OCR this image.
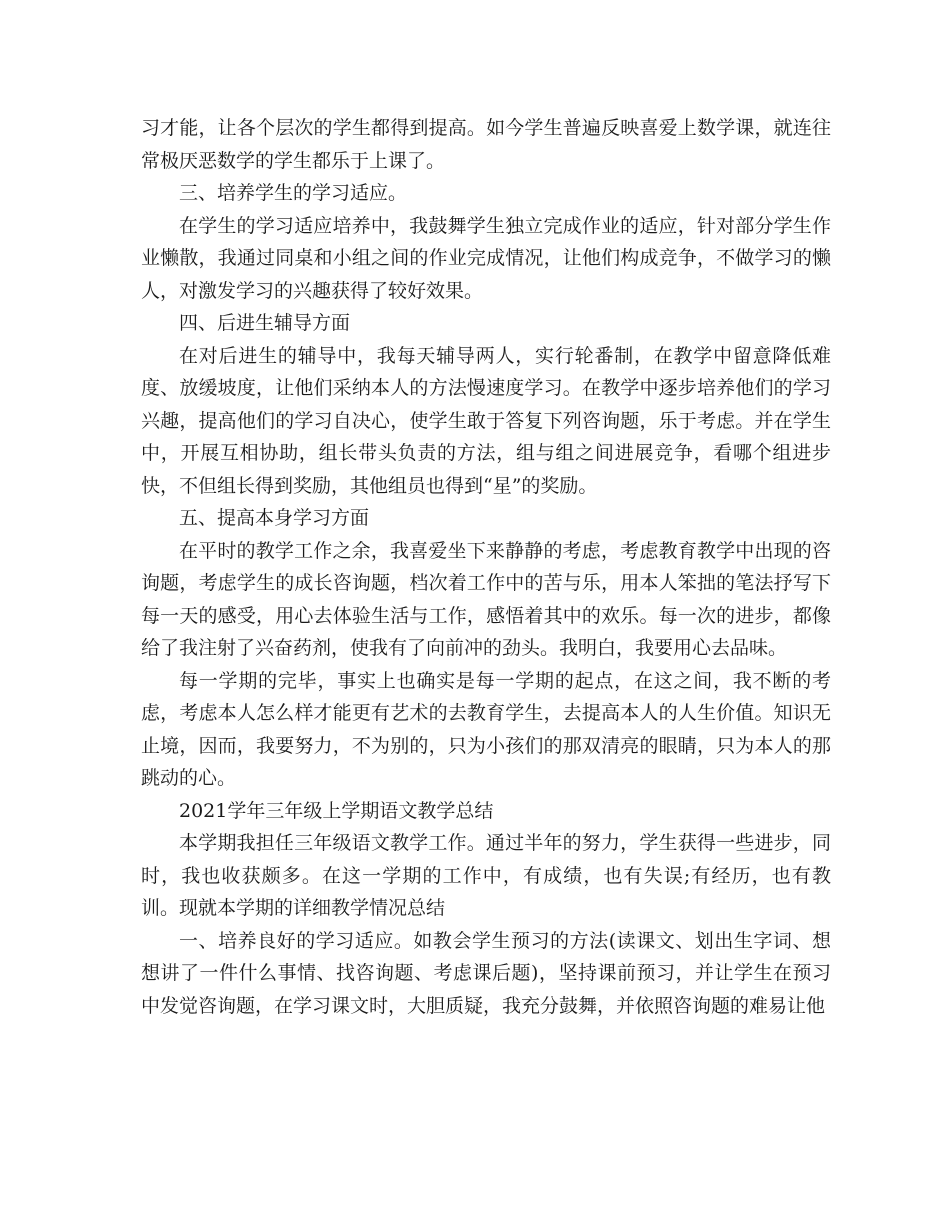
习才能，让各个层次的学生都得到提高。如今学生普遍反映喜爱上数学课，就连往常极厌恶数学的学生都乐于上课了。

三、培养学生的学习适应。

在学生的学习适应培养中，我鼓舞学生独立完成作业的适应，针对部分学生作业懒散，我通过同桌和小组之间的作业完成情况，让他们构成竞争，不做学习的懒人，对激发学习的兴趣获得了较好效果。

四、后进生辅导方面

在对后进生的辅导中，我每天辅导两人，实行轮番制，在教学中留意降低难度、放缓坡度，让他们采纳本人的方法慢速度学习。在教学中逐步培养他们的学习兴趣，提高他们的学习自决心，使学生敢于答复下列咨询题，乐于考虑。并在学生中，开展互相协助，组长带头负责的方法，组与组之间进展竞争，看哪个组进步快，不但组长得到奖励，其他组员也得到“星”的奖励。

五、提高本身学习方面

在平时的教学工作之余，我喜爱坐下来静静的考虑，考虑教育教学中出现的咨询题，考虑学生的成长咨询题，档次着工作中的苦与乐，用本人笨拙的笔法抒写下每一天的感受，用心去体验生活与工作，感悟着其中的欢乐。每一次的进步，都像给了我注射了兴奋药剂，使我有了向前冲的劲头。我明白，我要用心去品味。

每一学期的完毕，事实上也确实是每一学期的起点，在这之间，我不断的考虑，考虑本人怎么样才能更有艺术的去教育学生，去提高本人的人生价值。知识无止境，因而，我要努力，不为别的，只为小孩们的那双清亮的眼睛，只为本人的那跳动的心。

2021学年三年级上学期语文教学总结

本学期我担任三年级语文教学工作。通过半年的努力，学生获得一些进步，同时，我也收获颇多。在这一学期的工作中，有成绩，也有失误;有经历，也有教训。现就本学期的详细教学情况总结

一、培养良好的学习适应。如教会学生预习的方法(读课文、划出生字词、想想讲了一件什么事情、找咨询题、考虑课后题)，坚持课前预习，并让学生在预习中发觉咨询题，在学习课文时，大胆质疑，我充分鼓舞，并依照咨询题的难易让他
